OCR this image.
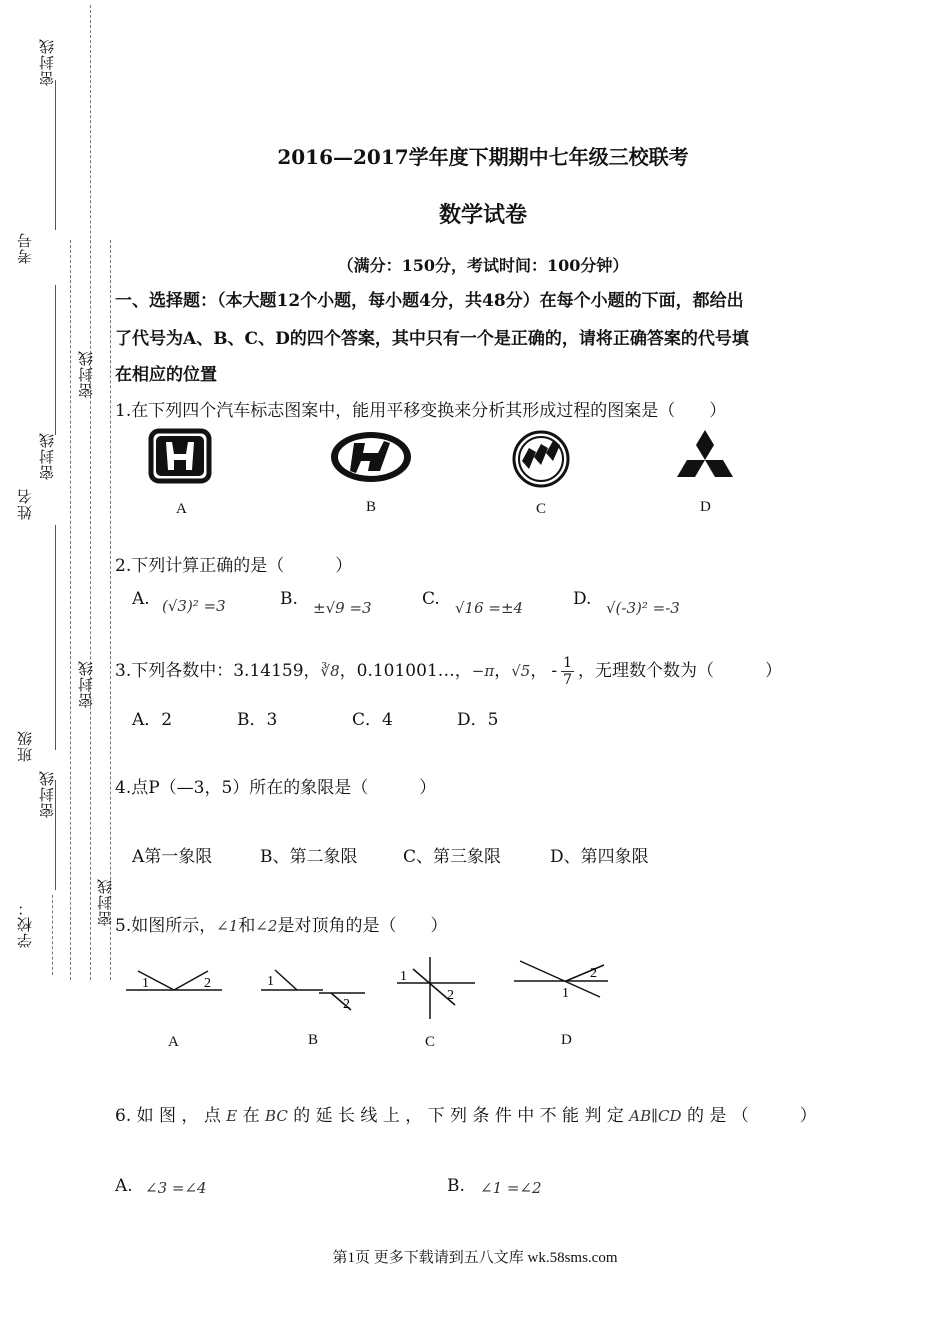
考号
姓名
班级
学校：
密封线
密封线
密封线
密封线
密封线
密封线
2016—2017学年度下期期中七年级三校联考
数学试卷
（满分：150分，考试时间：100分钟）
一、选择题：（本大题12个小题，每小题4分，共48分）在每个小题的下面，都给出
了代号为A、B、C、D的四个答案，其中只有一个是正确的，请将正确答案的代号填
在相应的位置
1.在下列四个汽车标志图案中，能用平移变换来分析其形成过程的图案是（　　）
A	B	C	D
2.下列计算正确的是（　　　）
A. (√3)² =3	B. ±√9 =3	C. √16 =±4	D. √(-3)² =-3
3.下列各数中：3.14159，∛8，0.101001…，−π，√5， - $\frac{1}{7}$ ，无理数个数为（　　　）
A．2	B．3	C．4	D．5
4.点P（—3，5）所在的象限是（　　　）
A第一象限	B、第二象限	C、第三象限	D、第四象限
5.如图所示，∠1和∠2是对顶角的是（　　）
1	2	1
2
1
2
2
1
A	B	C	D
6. 如 图 ， 点 E 在 BC 的 延 长 线 上 ， 下 列 条 件 中 不 能 判 定 AB∥CD 的 是 （　　　）
A. ∠3 =∠4	B. ∠1 =∠2
第1页 更多下载请到五八文库 wk.58sms.com
